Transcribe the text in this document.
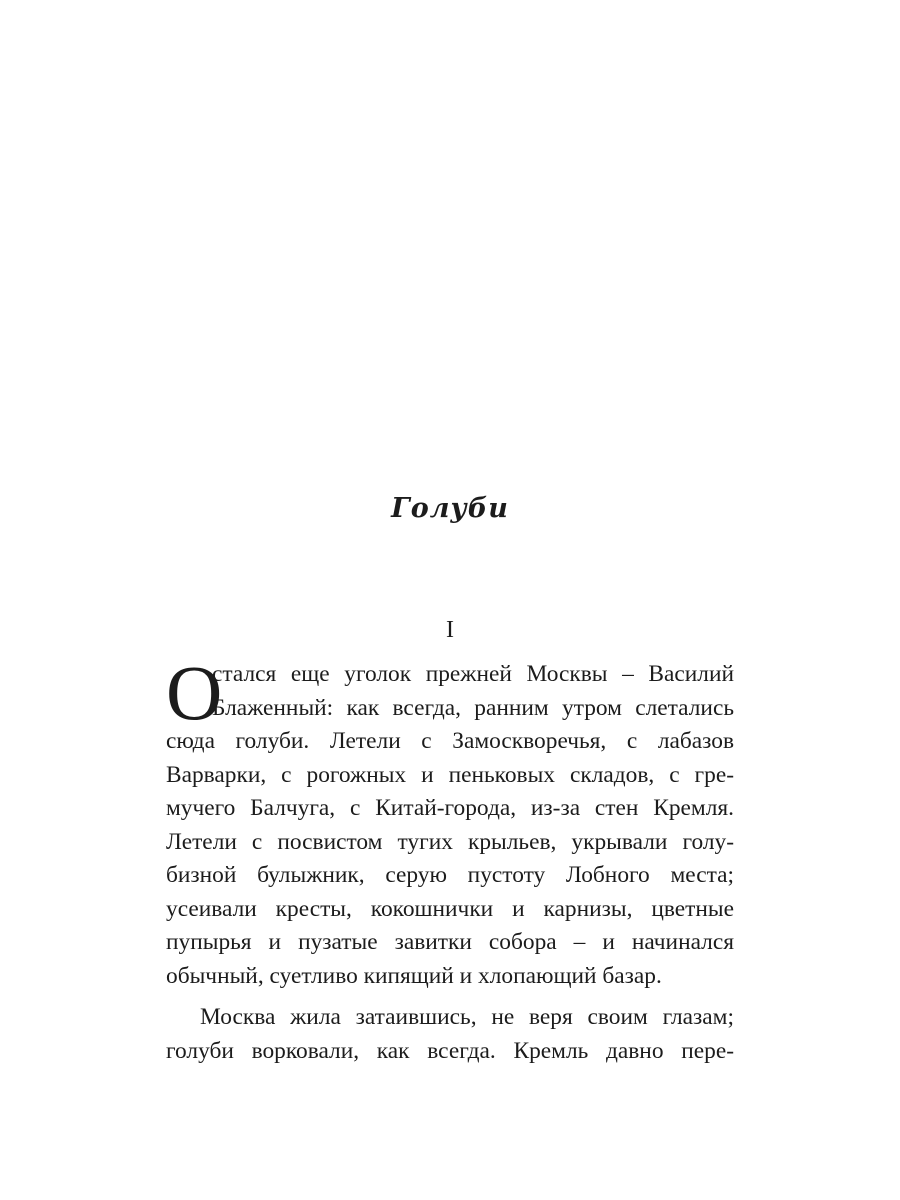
Голуби
I
О
стался еще уголок прежней Москвы – Василий
Блаженный: как всегда, ранним утром слетались
сюда голуби. Летели с Замоскворечья, с лабазов
Варварки, с рогожных и пеньковых складов, с гре-
мучего Балчуга, с Китай-города, из-за стен Кремля.
Летели с посвистом тугих крыльев, укрывали голу-
бизной булыжник, серую пустоту Лобного места;
усеивали кресты, кокошнички и карнизы, цветные
пупырья и пузатые завитки собора – и начинался
обычный, суетливо кипящий и хлопающий базар.
Москва жила затаившись, не веря своим глазам;
голуби ворковали, как всегда. Кремль давно пере-
